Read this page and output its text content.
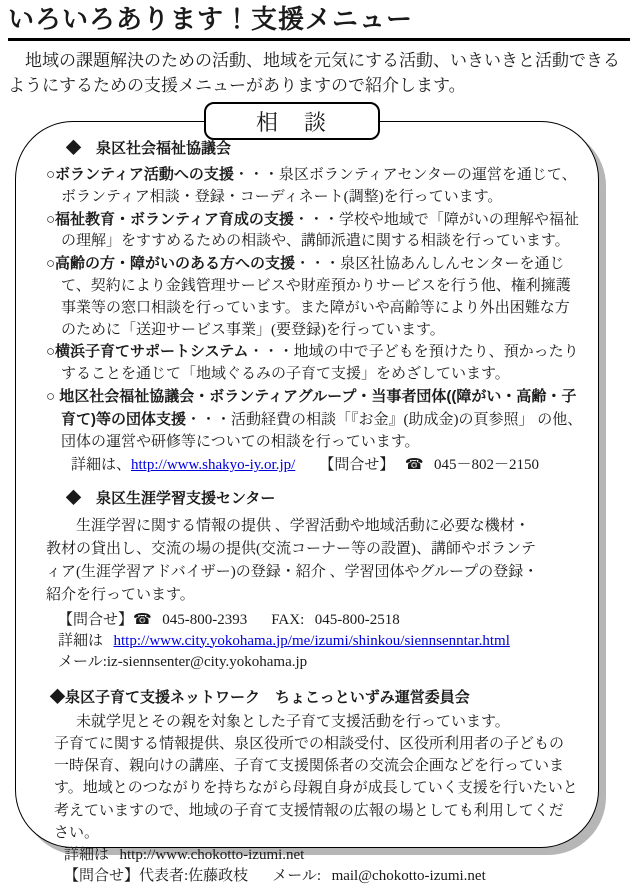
いろいろあります！支援メニュー
地域の課題解決のための活動、地域を元気にする活動、いきいきと活動できるようにするための支援メニューがありますので紹介します。
相　談
◆　泉区社会福祉協議会

○ボランティア活動への支援・・・泉区ボランティアセンターの運営を通じて、ボランティア相談・登録・コーディネート(調整)を行っています。

○福祉教育・ボランティア育成の支援・・・学校や地域で「障がいの理解や福祉の理解」をすすめるための相談や、講師派遣に関する相談を行っています。

○高齢の方・障がいのある方への支援・・・泉区社協あんしんセンターを通じて、契約により金銭管理サービスや財産預かりサービスを行う他、権利擁護事業等の窓口相談を行っています。また障がいや高齢等により外出困難な方のために「送迎サービス事業」(要登録)を行っています。

○横浜子育てサポートシステム・・・地域の中で子どもを預けたり、預かったりすることを通じて「地域ぐるみの子育て支援」をめざしています。

○ 地区社会福祉協議会・ボランティアグループ・当事者団体((障がい・高齢・子育て)等の団体支援・・・活動経費の相談「『お金』(助成金)の頁参照」 の他、団体の運営や研修等についての相談を行っています。

詳細は、http://www.shakyo-iy.or.jp/ 【問合せ】 ☎ 045－802－2150

◆　泉区生涯学習支援センター

生涯学習に関する情報の提供 、学習活動や地域活動に必要な機材・教材の貸出し、交流の場の提供(交流コーナー等の設置)、講師やボランティア(生涯学習アドバイザー)の登録・紹介 、学習団体やグループの登録・紹介を行っています。

【問合せ】☎ 045-800-2393 FAX: 045-800-2518

詳細は http://www.city.yokohama.jp/me/izumi/shinkou/siennsenntar.html

メール:iz-siennsenter@city.yokohama.jp

◆泉区子育て支援ネットワーク　ちょこっといずみ運営委員会

未就学児とその親を対象とした子育て支援活動を行っています。

子育てに関する情報提供、泉区役所での相談受付、区役所利用者の子どもの一時保育、親向けの講座、子育て支援関係者の交流会企画などを行っています。地域とのつながりを持ちながら母親自身が成長していく支援を行いたいと考えていますので、地域の子育て支援情報の広報の場としても利用してください。

詳細は http://www.chokotto-izumi.net

【問合せ】代表者:佐藤政枝 メール: mail@chokotto-izumi.net
